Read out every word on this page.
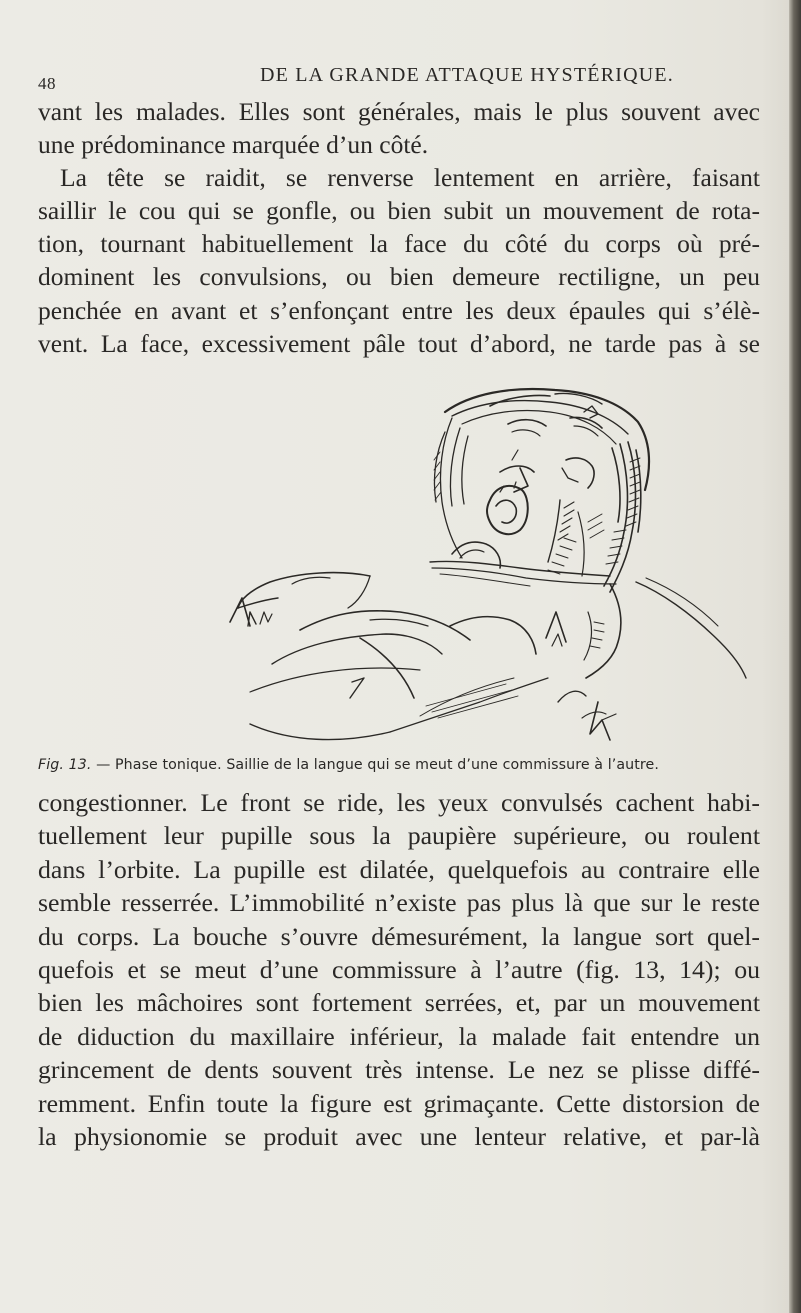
48	DE LA GRANDE ATTAQUE HYSTÉRIQUE.
vant les malades. Elles sont générales, mais le plus souvent avec
une prédominance marquée d’un côté.
La tête se raidit, se renverse lentement en arrière, faisant
saillir le cou qui se gonfle, ou bien subit un mouvement de rota-
tion, tournant habituellement la face du côté du corps où pré-
dominent les convulsions, ou bien demeure rectiligne, un peu
penchée en avant et s’enfonçant entre les deux épaules qui s’élè-
vent. La face, excessivement pâle tout d’abord, ne tarde pas à se
Fig. 13. — Phase tonique. Saillie de la langue qui se meut d’une commissure à l’autre.
congestionner. Le front se ride, les yeux convulsés cachent habi-
tuellement leur pupille sous la paupière supérieure, ou roulent
dans l’orbite. La pupille est dilatée, quelquefois au contraire elle
semble resserrée. L’immobilité n’existe pas plus là que sur le reste
du corps. La bouche s’ouvre démesurément, la langue sort quel-
quefois et se meut d’une commissure à l’autre (fig. 13, 14); ou
bien les mâchoires sont fortement serrées, et, par un mouvement
de diduction du maxillaire inférieur, la malade fait entendre un
grincement de dents souvent très intense. Le nez se plisse diffé-
remment. Enfin toute la figure est grimaçante. Cette distorsion de
la physionomie se produit avec une lenteur relative, et par-là
